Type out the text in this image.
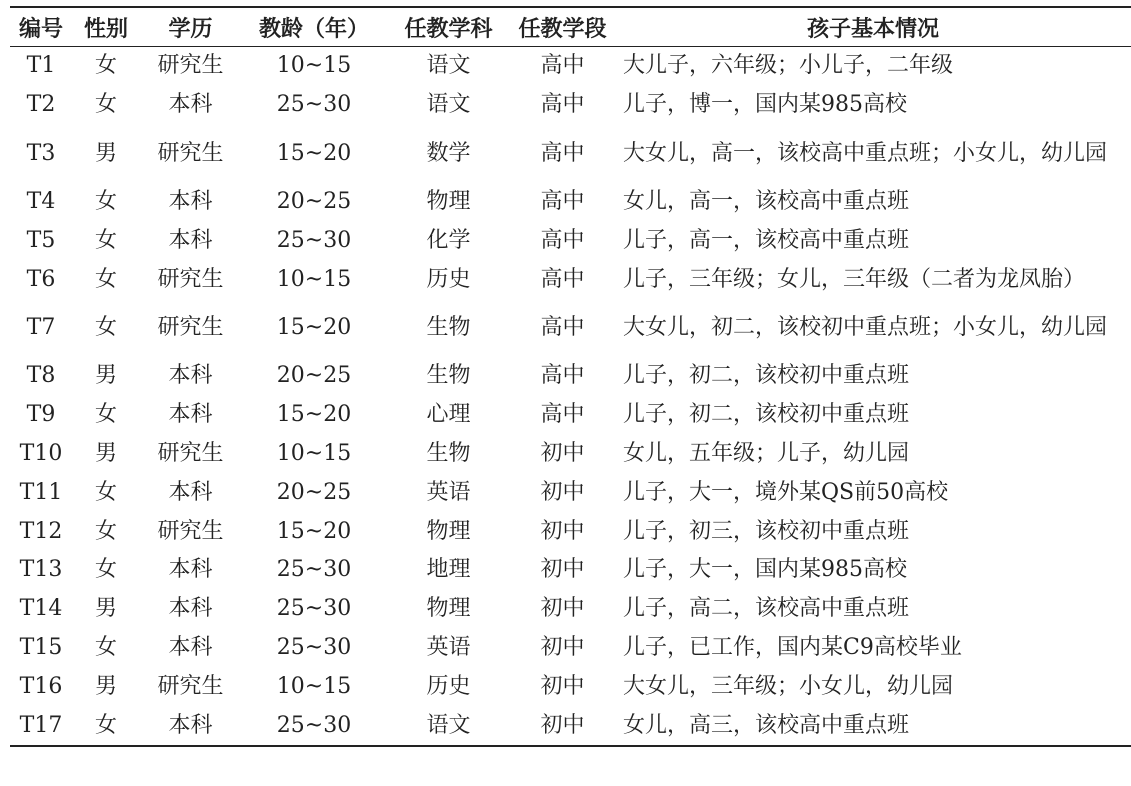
编号	性别	学历	教龄（年）	任教学科	任教学段	孩子基本情况
T1	女	研究生	10~15	语文	高中	大儿子，六年级；小儿子，二年级
T2	女	本科	25~30	语文	高中	儿子，博一，国内某985高校
T3	男	研究生	15~20	数学	高中	大女儿，高一，该校高中重点班；小女儿，幼儿园
T4	女	本科	20~25	物理	高中	女儿，高一，该校高中重点班
T5	女	本科	25~30	化学	高中	儿子，高一，该校高中重点班
T6	女	研究生	10~15	历史	高中	儿子，三年级；女儿，三年级（二者为龙凤胎）
T7	女	研究生	15~20	生物	高中	大女儿，初二，该校初中重点班；小女儿，幼儿园
T8	男	本科	20~25	生物	高中	儿子，初二，该校初中重点班
T9	女	本科	15~20	心理	高中	儿子，初二，该校初中重点班
T10	男	研究生	10~15	生物	初中	女儿，五年级；儿子，幼儿园
T11	女	本科	20~25	英语	初中	儿子，大一，境外某QS前50高校
T12	女	研究生	15~20	物理	初中	儿子，初三，该校初中重点班
T13	女	本科	25~30	地理	初中	儿子，大一，国内某985高校
T14	男	本科	25~30	物理	初中	儿子，高二，该校高中重点班
T15	女	本科	25~30	英语	初中	儿子，已工作，国内某C9高校毕业
T16	男	研究生	10~15	历史	初中	大女儿，三年级；小女儿，幼儿园
T17	女	本科	25~30	语文	初中	女儿，高三，该校高中重点班
